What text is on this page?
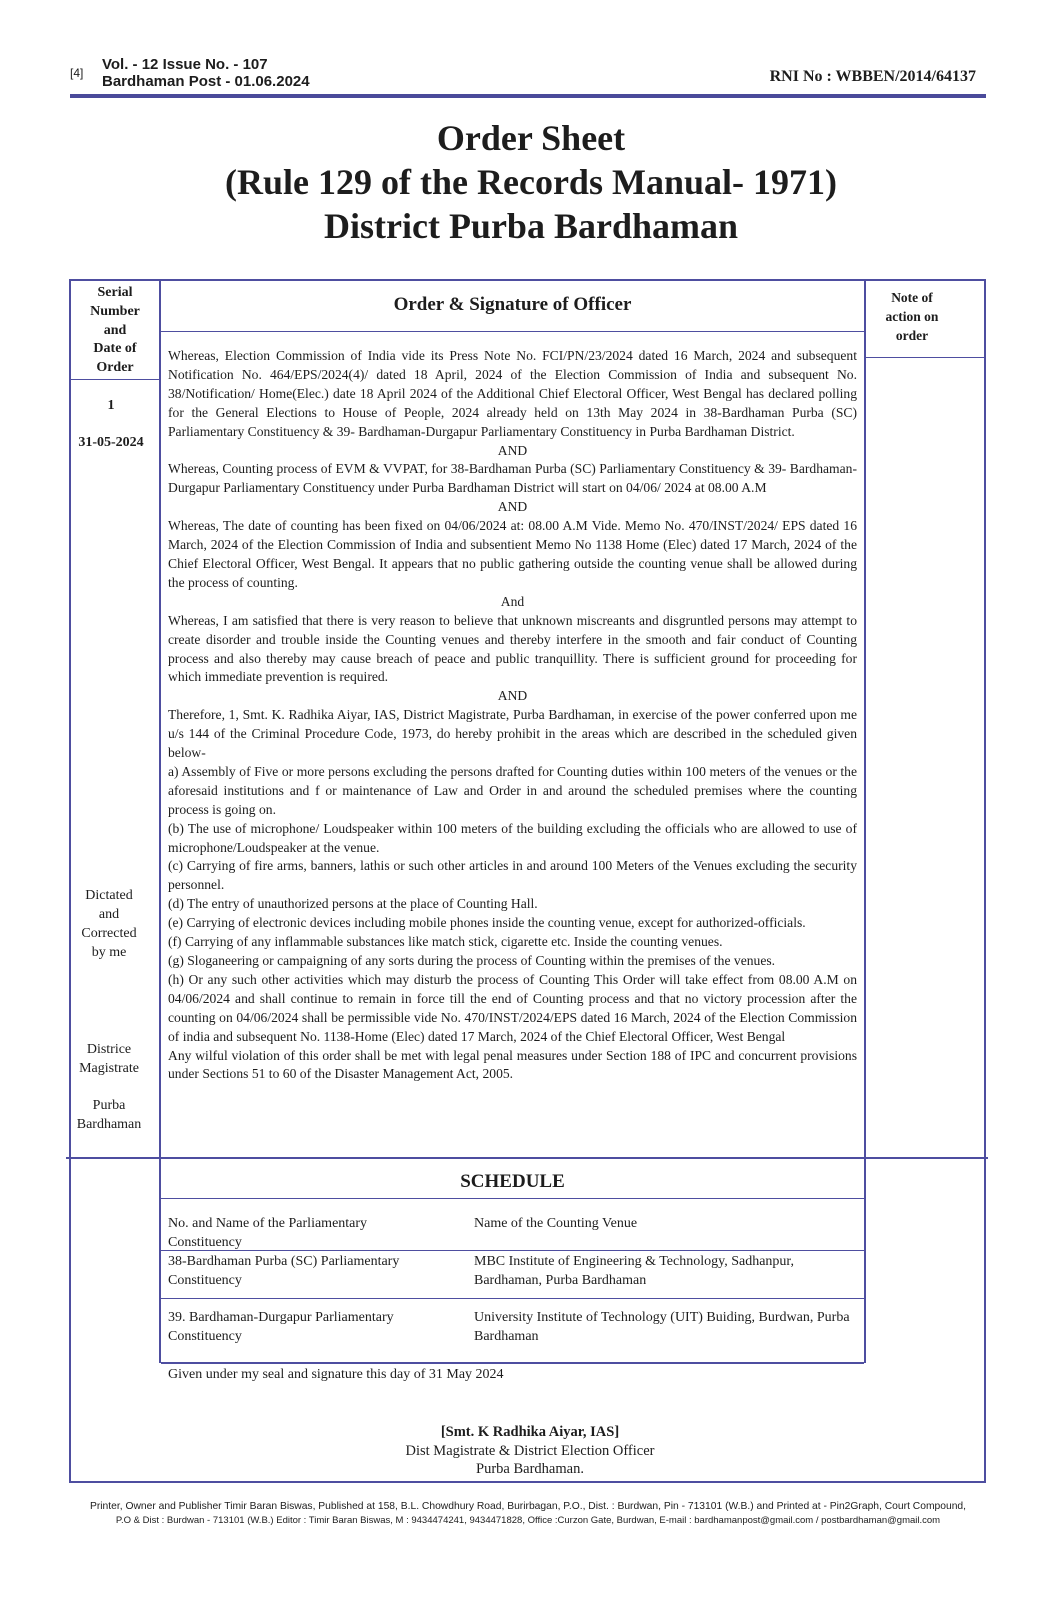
[4] Vol. - 12 Issue No. - 107
Bardhaman Post - 01.06.2024	RNI No : WBBEN/2014/64137
Order Sheet
(Rule 129 of the Records Manual- 1971)
District Purba Bardhaman
Serial
Number
and
Date of
Order
Order & Signature of Officer	Note of
action on
order
1
31-05-2024
Dictated
and
Corrected
by me
Districe
Magistrate
Purba
Bardhaman

Whereas, Election Commission of India vide its Press Note No. FCI/PN/23/2024 dated 16 March, 2024 and subsequent Notification No. 464/EPS/2024(4)/ dated 18 April, 2024 of the Election Commission of India and subsequent No. 38/Notification/ Home(Elec.) date 18 April 2024 of the Additional Chief Electoral Officer, West Bengal has declared polling for the General Elections to House of People, 2024 already held on 13th May 2024 in 38-Bardhaman Purba (SC) Parliamentary Constituency & 39- Bardhaman-Durgapur Parliamentary Constituency in Purba Bardhaman District.

AND

Whereas, Counting process of EVM & VVPAT, for 38-Bardhaman Purba (SC) Parliamentary Constituency & 39- Bardhaman-Durgapur Parliamentary Constituency under Purba Bardhaman District will start on 04/06/ 2024 at 08.00 A.M

AND

Whereas, The date of counting has been fixed on 04/06/2024 at: 08.00 A.M Vide. Memo No. 470/INST/2024/ EPS dated 16 March, 2024 of the Election Commission of India and subsentient Memo No 1138 Home (Elec) dated 17 March, 2024 of the Chief Electoral Officer, West Bengal. It appears that no public gathering outside the counting venue shall be allowed during the process of counting.

And

Whereas, I am satisfied that there is very reason to believe that unknown miscreants and disgruntled persons may attempt to create disorder and trouble inside the Counting venues and thereby interfere in the smooth and fair conduct of Counting process and also thereby may cause breach of peace and public tranquillity. There is sufficient ground for proceeding for which immediate prevention is required.

AND

Therefore, 1, Smt. K. Radhika Aiyar, IAS, District Magistrate, Purba Bardhaman, in exercise of the power conferred upon me u/s 144 of the Criminal Procedure Code, 1973, do hereby prohibit in the areas which are described in the scheduled given below-

a) Assembly of Five or more persons excluding the persons drafted for Counting duties within 100 meters of the venues or the aforesaid institutions and f or maintenance of Law and Order in and around the scheduled premises where the counting process is going on.

(b) The use of microphone/ Loudspeaker within 100 meters of the building excluding the officials who are allowed to use of microphone/Loudspeaker at the venue.

(c) Carrying of fire arms, banners, lathis or such other articles in and around 100 Meters of the Venues excluding the security personnel.

(d) The entry of unauthorized persons at the place of Counting Hall.

(e) Carrying of electronic devices including mobile phones inside the counting venue, except for authorized-officials.

(f) Carrying of any inflammable substances like match stick, cigarette etc. Inside the counting venues.

(g) Sloganeering or campaigning of any sorts during the process of Counting within the premises of the venues.

(h) Or any such other activities which may disturb the process of Counting This Order will take effect from 08.00 A.M on 04/06/2024 and shall continue to remain in force till the end of Counting process and that no victory procession after the counting on 04/06/2024 shall be permissible vide No. 470/INST/2024/EPS dated 16 March, 2024 of the Election Commission of india and subsequent No. 1138-Home (Elec) dated 17 March, 2024 of the Chief Electoral Officer, West Bengal

Any wilful violation of this order shall be met with legal penal measures under Section 188 of IPC and concurrent provisions under Sections 51 to 60 of the Disaster Management Act, 2005.

SCHEDULE
No. and Name of the Parliamentary Constituency
Name of the Counting Venue
38-Bardhaman Purba (SC) Parliamentary Constituency
MBC Institute of Engineering & Technology, Sadhanpur, Bardhaman, Purba Bardhaman
39. Bardhaman-Durgapur Parliamentary Constituency
University Institute of Technology (UIT) Buiding, Burdwan, Purba Bardhaman
Given under my seal and signature this day of 31 May 2024
[Smt. K Radhika Aiyar, IAS]
Dist Magistrate & District Election Officer
Purba Bardhaman.
Printer, Owner and Publisher Timir Baran Biswas, Published at 158, B.L. Chowdhury Road, Burirbagan, P.O., Dist. : Burdwan, Pin - 713101 (W.B.) and Printed at - Pin2Graph, Court Compound,
P.O & Dist : Burdwan - 713101 (W.B.) Editor : Timir Baran Biswas, M : 9434474241, 9434471828, Office :Curzon Gate, Burdwan, E-mail : bardhamanpost@gmail.com / postbardhaman@gmail.com
